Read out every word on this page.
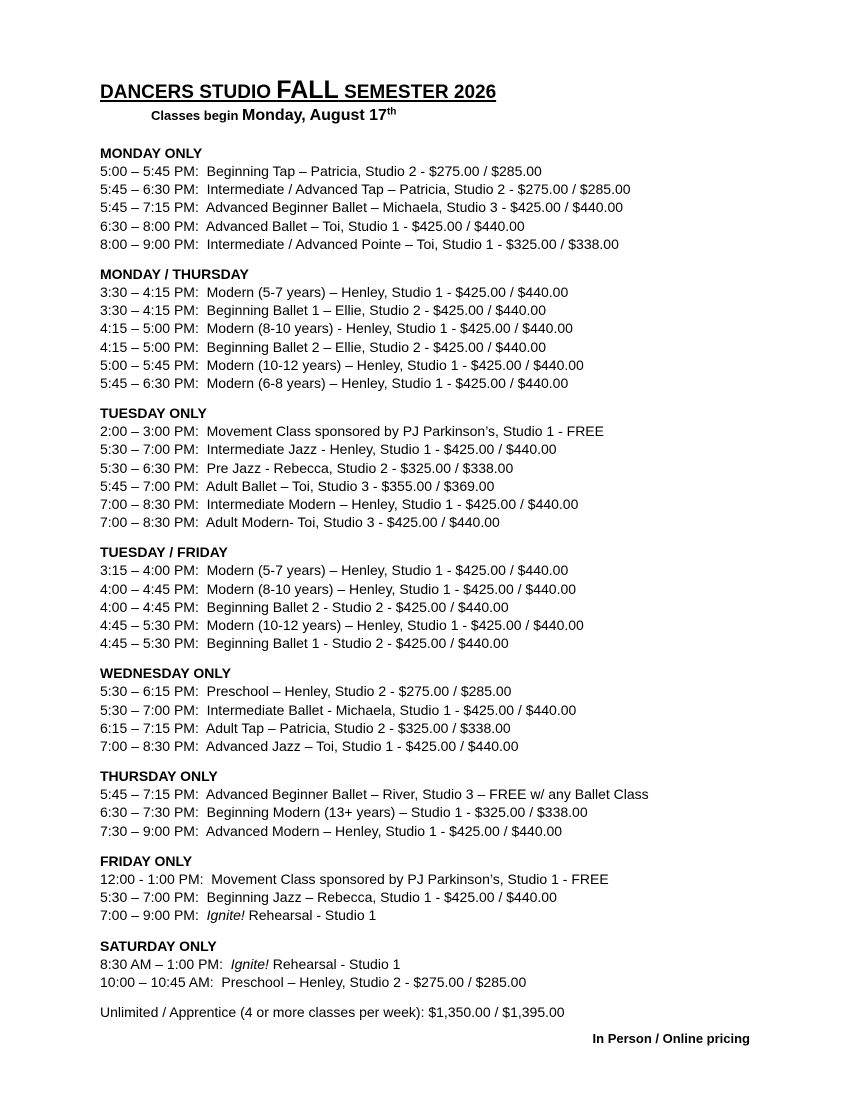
DANCERS STUDIO FALL SEMESTER 2026
Classes begin Monday, August 17th
MONDAY ONLY
5:00 – 5:45 PM: Beginning Tap – Patricia, Studio 2 - $275.00 / $285.00
5:45 – 6:30 PM: Intermediate / Advanced Tap – Patricia, Studio 2 - $275.00 / $285.00
5:45 – 7:15 PM: Advanced Beginner Ballet – Michaela, Studio 3 - $425.00 / $440.00
6:30 – 8:00 PM: Advanced Ballet – Toi, Studio 1 - $425.00 / $440.00
8:00 – 9:00 PM: Intermediate / Advanced Pointe – Toi, Studio 1 - $325.00 / $338.00
MONDAY / THURSDAY
3:30 – 4:15 PM: Modern (5-7 years) – Henley, Studio 1 - $425.00 / $440.00
3:30 – 4:15 PM: Beginning Ballet 1 – Ellie, Studio 2 - $425.00 / $440.00
4:15 – 5:00 PM: Modern (8-10 years) - Henley, Studio 1 - $425.00 / $440.00
4:15 – 5:00 PM: Beginning Ballet 2 – Ellie, Studio 2 - $425.00 / $440.00
5:00 – 5:45 PM: Modern (10-12 years) – Henley, Studio 1 - $425.00 / $440.00
5:45 – 6:30 PM: Modern (6-8 years) – Henley, Studio 1 - $425.00 / $440.00
TUESDAY ONLY
2:00 – 3:00 PM: Movement Class sponsored by PJ Parkinson’s, Studio 1 - FREE
5:30 – 7:00 PM: Intermediate Jazz - Henley, Studio 1 - $425.00 / $440.00
5:30 – 6:30 PM: Pre Jazz - Rebecca, Studio 2 - $325.00 / $338.00
5:45 – 7:00 PM: Adult Ballet – Toi, Studio 3 - $355.00 / $369.00
7:00 – 8:30 PM: Intermediate Modern – Henley, Studio 1 - $425.00 / $440.00
7:00 – 8:30 PM: Adult Modern- Toi, Studio 3 - $425.00 / $440.00
TUESDAY / FRIDAY
3:15 – 4:00 PM: Modern (5-7 years) – Henley, Studio 1 - $425.00 / $440.00
4:00 – 4:45 PM: Modern (8-10 years) – Henley, Studio 1 - $425.00 / $440.00
4:00 – 4:45 PM: Beginning Ballet 2 - Studio 2 - $425.00 / $440.00
4:45 – 5:30 PM: Modern (10-12 years) – Henley, Studio 1 - $425.00 / $440.00
4:45 – 5:30 PM: Beginning Ballet 1 - Studio 2 - $425.00 / $440.00
WEDNESDAY ONLY
5:30 – 6:15 PM: Preschool – Henley, Studio 2 - $275.00 / $285.00
5:30 – 7:00 PM: Intermediate Ballet - Michaela, Studio 1 - $425.00 / $440.00
6:15 – 7:15 PM: Adult Tap – Patricia, Studio 2 - $325.00 / $338.00
7:00 – 8:30 PM: Advanced Jazz – Toi, Studio 1 - $425.00 / $440.00
THURSDAY ONLY
5:45 – 7:15 PM: Advanced Beginner Ballet – River, Studio 3 – FREE w/ any Ballet Class
6:30 – 7:30 PM: Beginning Modern (13+ years) – Studio 1 - $325.00 / $338.00
7:30 – 9:00 PM: Advanced Modern – Henley, Studio 1 - $425.00 / $440.00
FRIDAY ONLY
12:00 - 1:00 PM: Movement Class sponsored by PJ Parkinson’s, Studio 1 - FREE
5:30 – 7:00 PM: Beginning Jazz – Rebecca, Studio 1 - $425.00 / $440.00
7:00 – 9:00 PM: Ignite! Rehearsal - Studio 1
SATURDAY ONLY
8:30 AM – 1:00 PM: Ignite! Rehearsal - Studio 1
10:00 – 10:45 AM: Preschool – Henley, Studio 2 - $275.00 / $285.00
Unlimited / Apprentice (4 or more classes per week): $1,350.00 / $1,395.00
In Person / Online pricing
